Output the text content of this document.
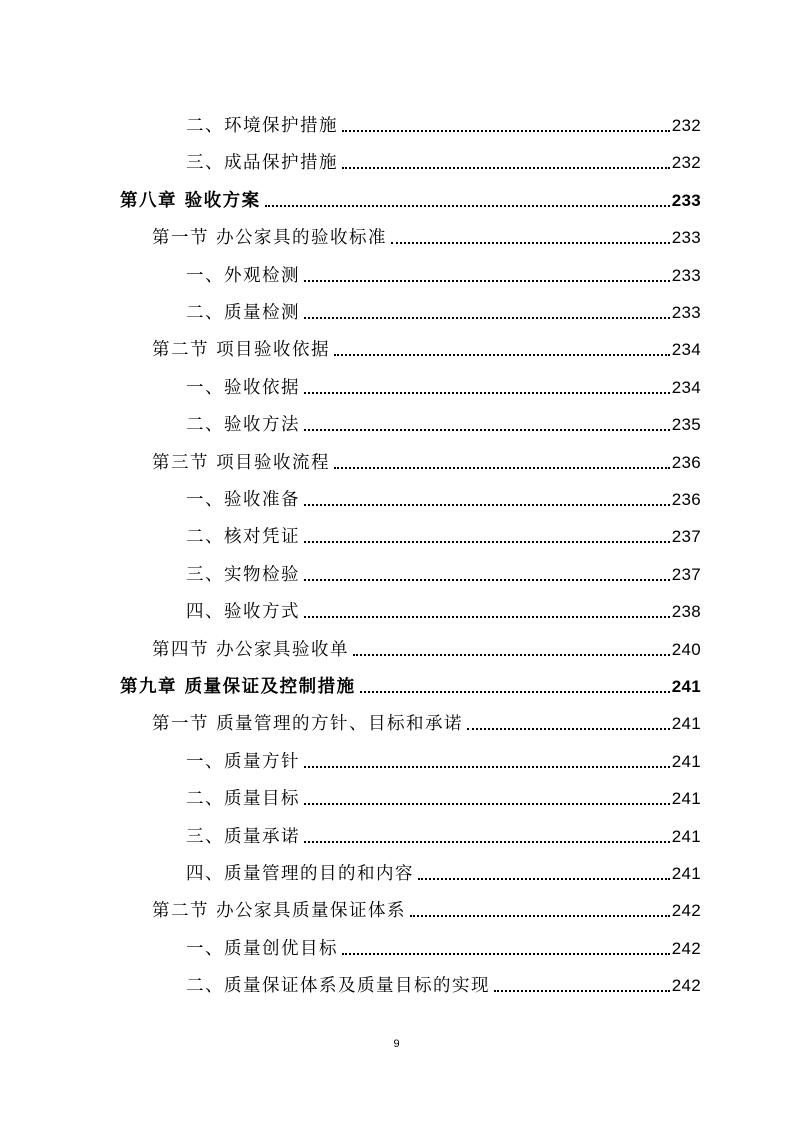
二、环境保护措施	232
三、成品保护措施	232
第八章 验收方案	233
第一节 办公家具的验收标准	233
一、外观检测	233
二、质量检测	233
第二节 项目验收依据	234
一、验收依据	234
二、验收方法	235
第三节 项目验收流程	236
一、验收准备	236
二、核对凭证	237
三、实物检验	237
四、验收方式	238
第四节 办公家具验收单	240
第九章 质量保证及控制措施	241
第一节 质量管理的方针、目标和承诺	241
一、质量方针	241
二、质量目标	241
三、质量承诺	241
四、质量管理的目的和内容	241
第二节 办公家具质量保证体系	242
一、质量创优目标	242
二、质量保证体系及质量目标的实现	242
9
